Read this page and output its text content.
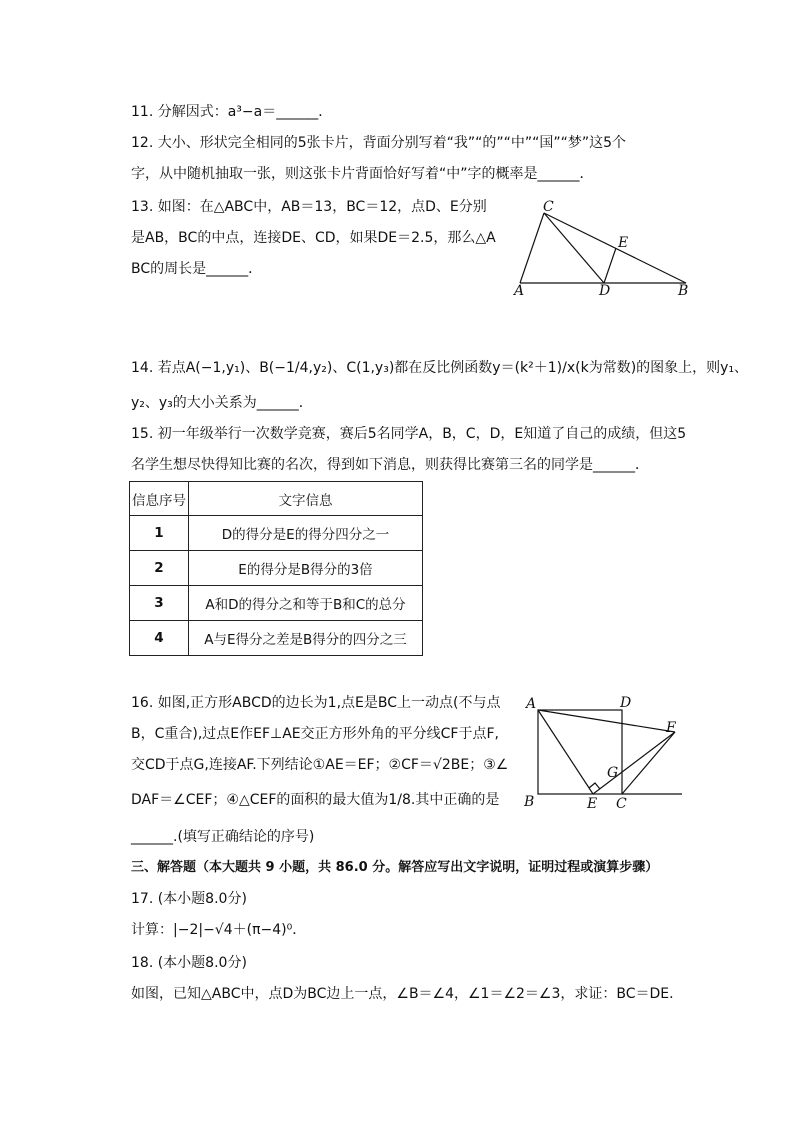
11. 分解因式：a³−a＝______．
12. 大小、形状完全相同的5张卡片，背面分别写着“我”“的”“中”“国”“梦”这5个
字，从中随机抽取一张，则这张卡片背面恰好写着“中”字的概率是______．
13. 如图：在△ABC中，AB＝13，BC＝12，点D、E分别
是AB，BC的中点，连接DE、CD，如果DE＝2.5，那么△A
BC的周长是______．
C
E
A	D	B
14. 若点A(−1,y₁)、B(−1/4,y₂)、C(1,y₃)都在反比例函数y＝(k²＋1)/x(k为常数)的图象上，则y₁、
y₂、y₃的大小关系为______．
15. 初一年级举行一次数学竞赛，赛后5名同学A，B，C，D，E知道了自己的成绩，但这5
名学生想尽快得知比赛的名次，得到如下消息，则获得比赛第三名的同学是______．
信息序号	文字信息
1	D的得分是E的得分四分之一
2	E的得分是B得分的3倍
3	A和D的得分之和等于B和C的总分
4	A与E得分之差是B得分的四分之三
16. 如图,正方形ABCD的边长为1,点E是BC上一动点(不与点
B，C重合),过点E作EF⊥AE交正方形外角的平分线CF于点F,
交CD于点G,连接AF.下列结论①AE＝EF；②CF＝√2BE；③∠
DAF＝∠CEF；④△CEF的面积的最大值为1/8.其中正确的是
______.(填写正确结论的序号)
A	D
F
G
B	E C
三、解答题（本大题共 9 小题，共 86.0 分。解答应写出文字说明，证明过程或演算步骤）
17. (本小题8.0分)
计算：|−2|−√4＋(π−4)⁰．
18. (本小题8.0分)
如图，已知△ABC中，点D为BC边上一点，∠B＝∠4，∠1＝∠2＝∠3，求证：BC＝DE．
